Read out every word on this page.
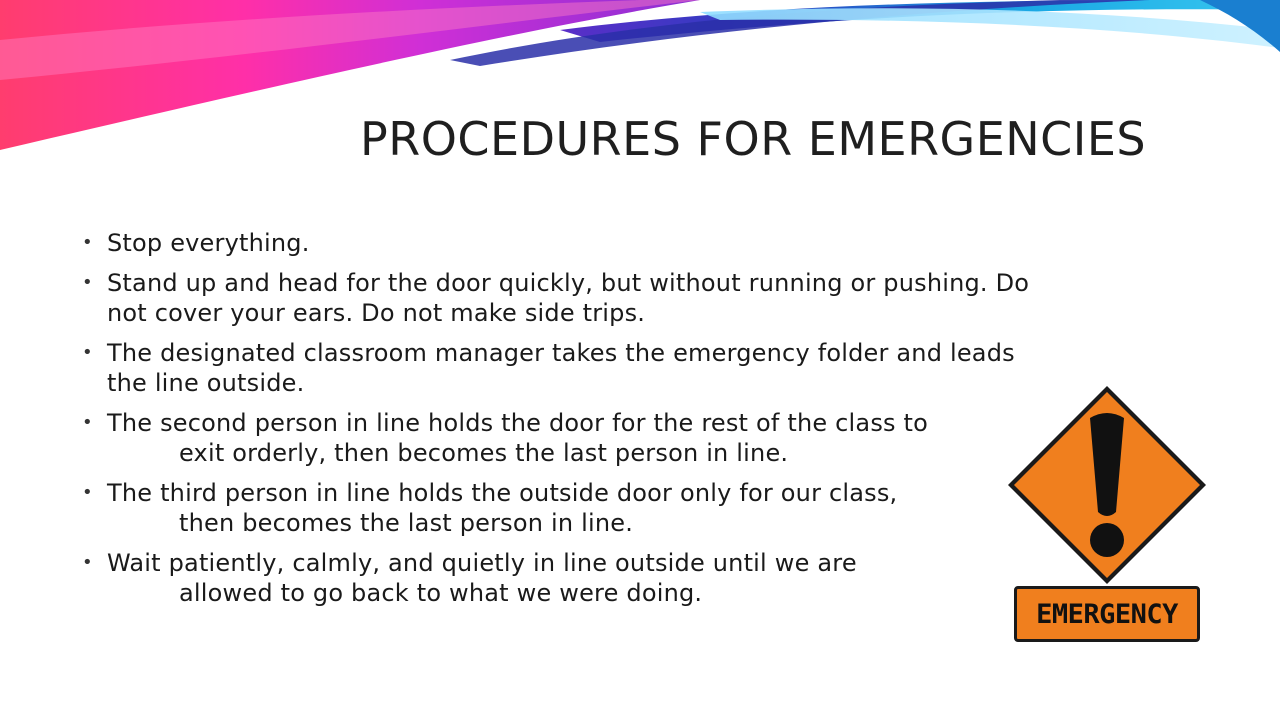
PROCEDURES FOR EMERGENCIES
• Stop everything.
• Stand up and head for the door quickly, but without running or pushing. Do
not cover your ears. Do not make side trips.
• The designated classroom manager takes the emergency folder and leads
the line outside.
• The second person in line holds the door for the rest of the class to
exit orderly, then becomes the last person in line.
• The third person in line holds the outside door only for our class,
then becomes the last person in line.
• Wait patiently, calmly, and quietly in line outside until we are
allowed to go back to what we were doing.
EMERGENCY
